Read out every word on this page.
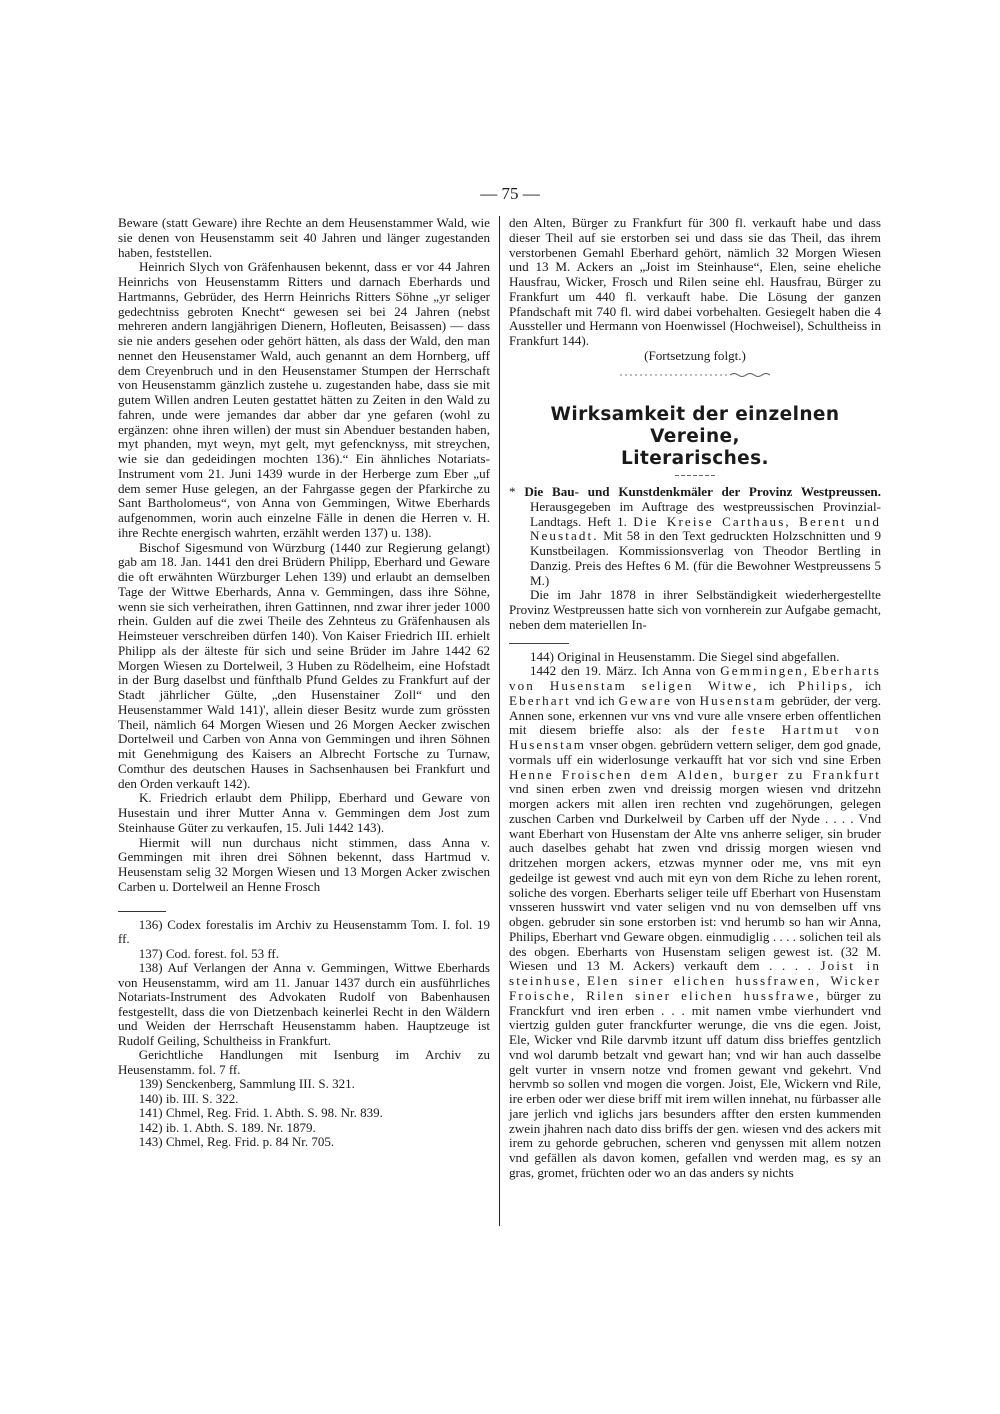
— 75 —

Beware (statt Geware) ihre Rechte an dem Heusenstammer Wald, wie sie denen von Heusenstamm seit 40 Jahren und länger zugestanden haben, feststellen.

Heinrich Slych von Gräfenhausen bekennt, dass er vor 44 Jahren Heinrichs von Heusenstamm Ritters und darnach Eberhards und Hartmanns, Gebrüder, des Herrn Heinrichs Ritters Söhne „yr seliger gedechtniss gebroten Knecht“ gewesen sei bei 24 Jahren (nebst mehreren andern langjährigen Dienern, Hofleuten, Beisassen) — dass sie nie anders gesehen oder gehört hätten, als dass der Wald, den man nennet den Heusenstamer Wald, auch genannt an dem Hornberg, uff dem Creyenbruch und in den Heusenstamer Stumpen der Herrschaft von Heusenstamm gänzlich zustehe u. zugestanden habe, dass sie mit gutem Willen andren Leuten gestattet hätten zu Zeiten in den Wald zu fahren, unde were jemandes dar abber dar yne gefaren (wohl zu ergänzen: ohne ihren willen) der must sin Abenduer bestanden haben, myt phanden, myt weyn, myt gelt, myt gefencknyss, mit streychen, wie sie dan gedeidingen mochten 136).“ Ein ähnliches Notariats-Instrument vom 21. Juni 1439 wurde in der Herberge zum Eber „uf dem semer Huse gelegen, an der Fahrgasse gegen der Pfarkirche zu Sant Bartholomeus“, von Anna von Gemmingen, Witwe Eberhards aufgenommen, worin auch einzelne Fälle in denen die Herren v. H. ihre Rechte energisch wahrten, erzählt werden 137) u. 138).

Bischof Sigesmund von Würzburg (1440 zur Regierung gelangt) gab am 18. Jan. 1441 den drei Brüdern Philipp, Eberhard und Geware die oft erwähnten Würzburger Lehen 139) und erlaubt an demselben Tage der Wittwe Eberhards, Anna v. Gemmingen, dass ihre Söhne, wenn sie sich verheirathen, ihren Gattinnen, nnd zwar ihrer jeder 1000 rhein. Gulden auf die zwei Theile des Zehnteus zu Gräfenhausen als Heimsteuer verschreiben dürfen 140). Von Kaiser Friedrich III. erhielt Philipp als der älteste für sich und seine Brüder im Jahre 1442 62 Morgen Wiesen zu Dortelweil, 3 Huben zu Rödelheim, eine Hofstadt in der Burg daselbst und fünfthalb Pfund Geldes zu Frankfurt auf der Stadt jährlicher Gülte, „den Husenstainer Zoll“ und den Heusenstammer Wald 141)', allein dieser Besitz wurde zum grössten Theil, nämlich 64 Morgen Wiesen und 26 Morgen Aecker zwischen Dortelweil und Carben von Anna von Gemmingen und ihren Söhnen mit Genehmigung des Kaisers an Albrecht Fortsche zu Turnaw, Comthur des deutschen Hauses in Sachsenhausen bei Frankfurt und den Orden verkauft 142).

K. Friedrich erlaubt dem Philipp, Eberhard und Geware von Husestain und ihrer Mutter Anna v. Gemmingen dem Jost zum Steinhause Güter zu verkaufen, 15. Juli 1442 143).

Hiermit will nun durchaus nicht stimmen, dass Anna v. Gemmingen mit ihren drei Söhnen bekennt, dass Hartmud v. Heusenstam selig 32 Morgen Wiesen und 13 Morgen Acker zwischen Carben u. Dortelweil an Henne Frosch

136) Codex forestalis im Archiv zu Heusenstamm Tom. I. fol. 19 ff.

137) Cod. forest. fol. 53 ff.

138) Auf Verlangen der Anna v. Gemmingen, Wittwe Eberhards von Heusenstamm, wird am 11. Januar 1437 durch ein ausführliches Notariats-Instrument des Advokaten Rudolf von Babenhausen festgestellt, dass die von Dietzenbach keinerlei Recht in den Wäldern und Weiden der Herrschaft Heusenstamm haben. Hauptzeuge ist Rudolf Geiling, Schultheiss in Frankfurt.

Gerichtliche Handlungen mit Isenburg im Archiv zu Heusenstamm. fol. 7 ff.

139) Senckenberg, Sammlung III. S. 321.

140) ib. III. S. 322.

141) Chmel, Reg. Frid. 1. Abth. S. 98. Nr. 839.

142) ib. 1. Abth. S. 189. Nr. 1879.

143) Chmel, Reg. Frid. p. 84 Nr. 705.

den Alten, Bürger zu Frankfurt für 300 fl. verkauft habe und dass dieser Theil auf sie erstorben sei und dass sie das Theil, das ihrem verstorbenen Gemahl Eberhard gehört, nämlich 32 Morgen Wiesen und 13 M. Ackers an „Joist im Steinhause“, Elen, seine eheliche Hausfrau, Wicker, Frosch und Rilen seine ehl. Hausfrau, Bürger zu Frankfurt um 440 fl. verkauft habe. Die Lösung der ganzen Pfandschaft mit 740 fl. wird dabei vorbehalten. Gesiegelt haben die 4 Aussteller und Hermann von Hoenwissel (Hochweisel), Schultheiss in Frankfurt 144).

(Fortsetzung folgt.)

Wirksamkeit der einzelnen Vereine,
Literarisches.

* Die Bau- und Kunstdenkmäler der Provinz Westpreussen. Herausgegeben im Auftrage des westpreussischen Provinzial-Landtags. Heft 1. Die Kreise Carthaus, Berent und Neustadt. Mit 58 in den Text gedruckten Holzschnitten und 9 Kunstbeilagen. Kommissionsverlag von Theodor Bertling in Danzig. Preis des Heftes 6 M. (für die Bewohner Westpreussens 5 M.)

Die im Jahr 1878 in ihrer Selbständigkeit wiederhergestellte Provinz Westpreussen hatte sich von vornherein zur Aufgabe gemacht, neben dem materiellen In-

144) Original in Heusenstamm. Die Siegel sind abgefallen.

1442 den 19. März. Ich Anna von Gemmingen, Eberharts von Husenstam seligen Witwe, ich Philips, ich Eberhart vnd ich Geware von Husenstam gebrüder, der verg. Annen sone, erkennen vur vns vnd vure alle vnsere erben offentlichen mit diesem brieffe also: als der feste Hartmut von Husenstam vnser obgen. gebrüdern vettern seliger, dem god gnade, vormals uff ein widerlosunge verkaufft hat vor sich vnd sine Erben Henne Froischen dem Alden, burger zu Frankfurt vnd sinen erben zwen vnd dreissig morgen wiesen vnd dritzehn morgen ackers mit allen iren rechten vnd zugehörungen, gelegen zuschen Carben vnd Durkelweil by Carben uff der Nyde . . . . Vnd want Eberhart von Husenstam der Alte vns anherre seliger, sin bruder auch daselbes gehabt hat zwen vnd drissig morgen wiesen vnd dritzehen morgen ackers, etzwas mynner oder me, vns mit eyn gedeilge ist gewest vnd auch mit eyn von dem Riche zu lehen rorent, soliche des vorgen. Eberharts seliger teile uff Eberhart von Husenstam vnsseren husswirt vnd vater seligen vnd nu von demselben uff vns obgen. gebruder sin sone erstorben ist: vnd herumb so han wir Anna, Philips, Eberhart vnd Geware obgen. einmudiglig . . . . solichen teil als des obgen. Eberharts von Husenstam seligen gewest ist. (32 M. Wiesen und 13 M. Ackers) verkauft dem . . . . Joist in steinhuse, Elen siner elichen hussfrawen, Wicker Froische, Rilen siner elichen hussfrawe, bürger zu Franckfurt vnd iren erben . . . mit namen vmbe vierhundert vnd viertzig gulden guter franckfurter werunge, die vns die egen. Joist, Ele, Wicker vnd Rile darvmb itzunt uff datum diss brieffes gentzlich vnd wol darumb betzalt vnd gewart han; vnd wir han auch dasselbe gelt vurter in vnsern notze vnd fromen gewant vnd gekehrt. Vnd hervmb so sollen vnd mogen die vorgen. Joist, Ele, Wickern vnd Rile, ire erben oder wer diese briff mit irem willen innehat, nu fürbasser alle jare jerlich vnd iglichs jars besunders affter den ersten kummenden zwein jhahren nach dato diss briffs der gen. wiesen vnd des ackers mit irem zu gehorde gebruchen, scheren vnd genyssen mit allem notzen vnd gefällen als davon komen, gefallen vnd werden mag, es sy an gras, gromet, früchten oder wo an das anders sy nichts
